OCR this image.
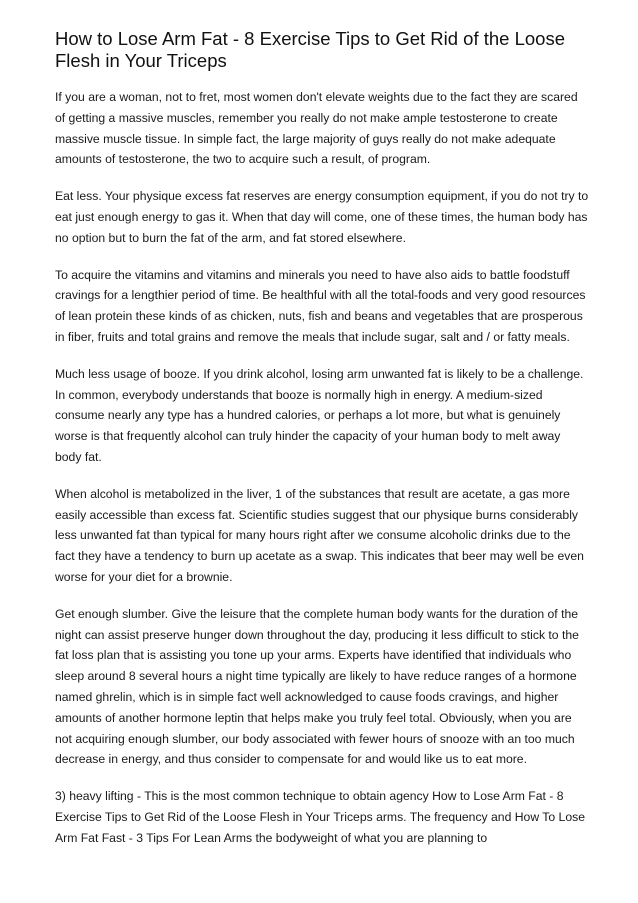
How to Lose Arm Fat - 8 Exercise Tips to Get Rid of the Loose Flesh in Your Triceps

If you are a woman, not to fret, most women don't elevate weights due to the fact they are scared of getting a massive muscles, remember you really do not make ample testosterone to create massive muscle tissue. In simple fact, the large majority of guys really do not make adequate amounts of testosterone, the two to acquire such a result, of program.

Eat less. Your physique excess fat reserves are energy consumption equipment, if you do not try to eat just enough energy to gas it. When that day will come, one of these times, the human body has no option but to burn the fat of the arm, and fat stored elsewhere.

To acquire the vitamins and vitamins and minerals you need to have also aids to battle foodstuff cravings for a lengthier period of time. Be healthful with all the total-foods and very good resources of lean protein these kinds of as chicken, nuts, fish and beans and vegetables that are prosperous in fiber, fruits and total grains and remove the meals that include sugar, salt and / or fatty meals.

Much less usage of booze. If you drink alcohol, losing arm unwanted fat is likely to be a challenge. In common, everybody understands that booze is normally high in energy. A medium-sized consume nearly any type has a hundred calories, or perhaps a lot more, but what is genuinely worse is that frequently alcohol can truly hinder the capacity of your human body to melt away body fat.

When alcohol is metabolized in the liver, 1 of the substances that result are acetate, a gas more easily accessible than excess fat. Scientific studies suggest that our physique burns considerably less unwanted fat than typical for many hours right after we consume alcoholic drinks due to the fact they have a tendency to burn up acetate as a swap. This indicates that beer may well be even worse for your diet for a brownie.

Get enough slumber. Give the leisure that the complete human body wants for the duration of the night can assist preserve hunger down throughout the day, producing it less difficult to stick to the fat loss plan that is assisting you tone up your arms. Experts have identified that individuals who sleep around 8 several hours a night time typically are likely to have reduce ranges of a hormone named ghrelin, which is in simple fact well acknowledged to cause foods cravings, and higher amounts of another hormone leptin that helps make you truly feel total. Obviously, when you are not acquiring enough slumber, our body associated with fewer hours of snooze with an too much decrease in energy, and thus consider to compensate for and would like us to eat more.

3) heavy lifting - This is the most common technique to obtain agency How to Lose Arm Fat - 8 Exercise Tips to Get Rid of the Loose Flesh in Your Triceps arms. The frequency and How To Lose Arm Fat Fast - 3 Tips For Lean Arms the bodyweight of what you are planning to
